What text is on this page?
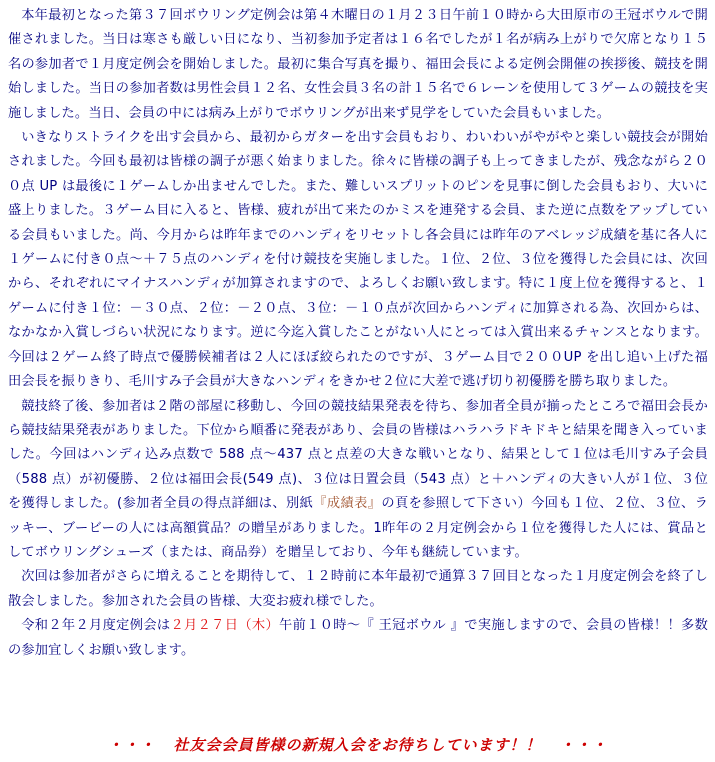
本年最初となった第３７回ボウリング定例会は第４木曜日の１月２３日午前１０時から大田原市の王冠ボウルで開催されました。当日は寒さも厳しい日になり、当初参加予定者は１６名でしたが１名が病み上がりで欠席となり１５名の参加者で１月度定例会を開始しました。最初に集合写真を撮り、福田会長による定例会開催の挨拶後、競技を開始しました。当日の参加者数は男性会員１２名、女性会員３名の計１５名で６レーンを使用して３ゲームの競技を実施しました。当日、会員の中には病み上がりでボウリングが出来ず見学をしていた会員もいました。

いきなりストライクを出す会員から、最初からガターを出す会員もおり、わいわいがやがやと楽しい競技会が開始されました。今回も最初は皆様の調子が悪く始まりました。徐々に皆様の調子も上ってきましたが、残念ながら２００点 UP は最後に１ゲームしか出ませんでした。また、難しいスプリットのピンを見事に倒した会員もおり、大いに盛上りました。３ゲーム目に入ると、皆様、疲れが出て来たのかミスを連発する会員、また逆に点数をアップしている会員もいました。尚、今月からは昨年までのハンディをリセットし各会員には昨年のアベレッジ成績を基に各人に１ゲームに付き０点～＋７５点のハンディを付け競技を実施しました。１位、２位、３位を獲得した会員には、次回から、それぞれにマイナスハンディが加算されますので、よろしくお願い致します。特に１度上位を獲得すると、１ゲームに付き１位：－３０点、２位：－２０点、３位：－１０点が次回からハンディに加算される為、次回からは、なかなか入賞しづらい状況になります。逆に今迄入賞したことがない人にとっては入賞出来るチャンスとなります。今回は２ゲーム終了時点で優勝候補者は２人にほぼ絞られたのですが、３ゲーム目で２００UP を出し追い上げた福田会長を振りきり、毛川すみ子会員が大きなハンディをきかせ２位に大差で逃げ切り初優勝を勝ち取りました。

競技終了後、参加者は２階の部屋に移動し、今回の競技結果発表を待ち、参加者全員が揃ったところで福田会長から競技結果発表がありました。下位から順番に発表があり、会員の皆様はハラハラドキドキと結果を聞き入っていました。今回はハンディ込み点数で 588 点～437 点と点差の大きな戦いとなり、結果として１位は毛川すみ子会員（588 点）が初優勝、２位は福田会長(549 点)、３位は日置会員（543 点）と＋ハンディの大きい人が１位、３位を獲得しました。(参加者全員の得点詳細は、別紙『成績表』の頁を参照して下さい）今回も１位、２位、３位、ラッキー、ブービーの人には高額賞品？の贈呈がありました。1昨年の２月定例会から１位を獲得した人には、賞品としてボウリングシューズ（または、商品券）を贈呈しており、今年も継続しています。

次回は参加者がさらに増えることを期待して、１２時前に本年最初で通算３７回目となった１月度定例会を終了し散会しました。参加された会員の皆様、大変お疲れ様でした。

令和２年２月度定例会は２月２７日（木）午前１０時～『 王冠ボウル 』で実施しますので、会員の皆様！！多数の参加宜しくお願い致します。

・・・ 社友会会員皆様の新規入会をお待ちしています！！ ・・・
